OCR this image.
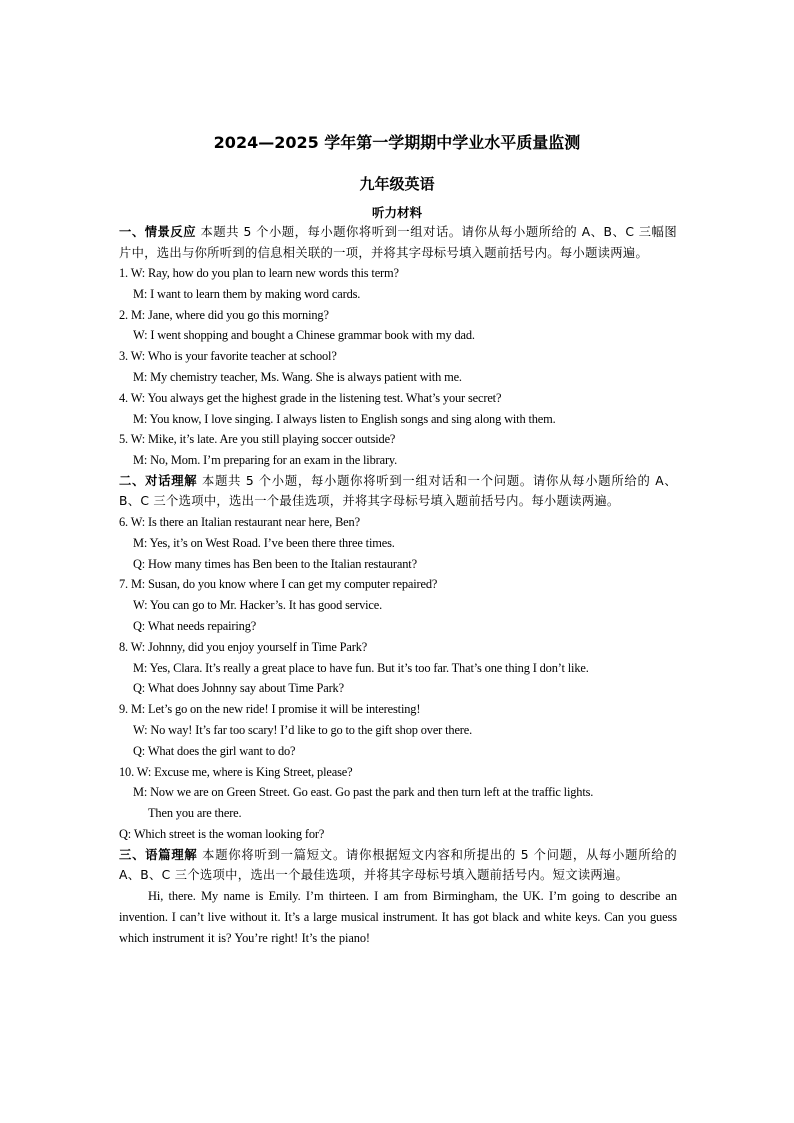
2024—2025 学年第一学期期中学业水平质量监测
九年级英语
听力材料
一、情景反应 本题共 5 个小题，每小题你将听到一组对话。请你从每小题所给的 A、B、C 三幅图片中，选出与你所听到的信息相关联的一项，并将其字母标号填入题前括号内。每小题读两遍。
1. W: Ray, how do you plan to learn new words this term?
M: I want to learn them by making word cards.
2. M: Jane, where did you go this morning?
W: I went shopping and bought a Chinese grammar book with my dad.
3. W: Who is your favorite teacher at school?
M: My chemistry teacher, Ms. Wang. She is always patient with me.
4. W: You always get the highest grade in the listening test. What’s your secret?
M: You know, I love singing. I always listen to English songs and sing along with them.
5. W: Mike, it’s late. Are you still playing soccer outside?
M: No, Mom. I’m preparing for an exam in the library.
二、对话理解 本题共 5 个小题，每小题你将听到一组对话和一个问题。请你从每小题所给的 A、B、C 三个选项中，选出一个最佳选项，并将其字母标号填入题前括号内。每小题读两遍。
6. W: Is there an Italian restaurant near here, Ben?
M: Yes, it’s on West Road. I’ve been there three times.
Q: How many times has Ben been to the Italian restaurant?
7. M: Susan, do you know where I can get my computer repaired?
W: You can go to Mr. Hacker’s. It has good service.
Q: What needs repairing?
8. W: Johnny, did you enjoy yourself in Time Park?
M: Yes, Clara. It’s really a great place to have fun. But it’s too far. That’s one thing I don’t like.
Q: What does Johnny say about Time Park?
9. M: Let’s go on the new ride! I promise it will be interesting!
W: No way! It’s far too scary! I’d like to go to the gift shop over there.
Q: What does the girl want to do?
10. W: Excuse me, where is King Street, please?
M: Now we are on Green Street. Go east. Go past the park and then turn left at the traffic lights.
Then you are there.
Q: Which street is the woman looking for?
三、语篇理解 本题你将听到一篇短文。请你根据短文内容和所提出的 5 个问题，从每小题所给的 A、B、C 三个选项中，选出一个最佳选项，并将其字母标号填入题前括号内。短文读两遍。
Hi, there. My name is Emily. I’m thirteen. I am from Birmingham, the UK. I’m going to describe an invention. I can’t live without it. It’s a large musical instrument. It has got black and white keys. Can you guess which instrument it is? You’re right! It’s the piano!
